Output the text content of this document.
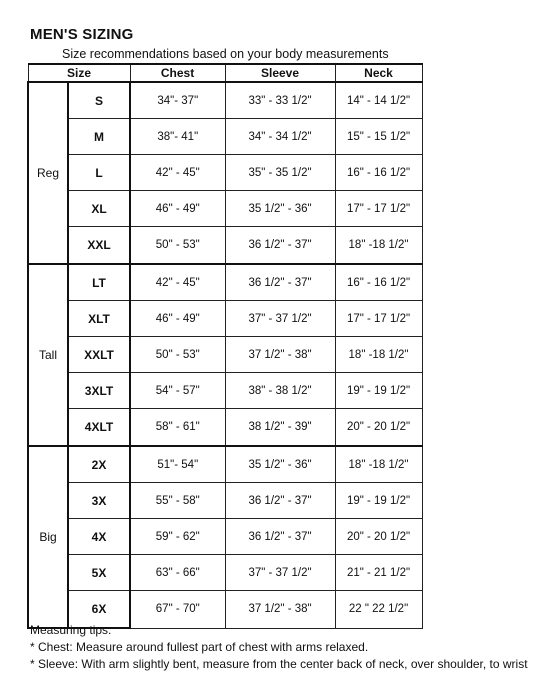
MEN'S SIZING
Size recommendations based on your body measurements
Size		Chest	Sleeve	Neck
Reg	S	34"- 37"	33" - 33 1/2"	14" - 14 1/2"
	M	38"- 41"	34" - 34 1/2"	15" - 15 1/2"
	L	42" - 45"	35" - 35 1/2"	16" - 16 1/2"
	XL	46" - 49"	35 1/2" - 36"	17" - 17 1/2"
	XXL	50" - 53"	36 1/2" - 37"	18" -18 1/2"
Tall	LT	42" - 45"	36 1/2" - 37"	16" - 16 1/2"
	XLT	46" - 49"	37" - 37 1/2"	17" - 17 1/2"
	XXLT	50" - 53"	37 1/2" - 38"	18" -18 1/2"
	3XLT	54" - 57"	38" - 38 1/2"	19" - 19 1/2"
	4XLT	58" - 61"	38 1/2" - 39"	20" - 20 1/2"
Big	2X	51"- 54"	35 1/2" - 36"	18" -18 1/2"
	3X	55" - 58"	36 1/2" - 37"	19" - 19 1/2"
	4X	59" - 62"	36 1/2" - 37"	20" - 20 1/2"
	5X	63" - 66"	37" - 37 1/2"	21" - 21 1/2"
	6X	67" - 70"	37 1/2" - 38"	22 " 22 1/2"
Measuring tips:
* Chest: Measure around fullest part of chest with arms relaxed.
* Sleeve: With arm slightly bent, measure from the center back of neck, over shoulder, to wrist
